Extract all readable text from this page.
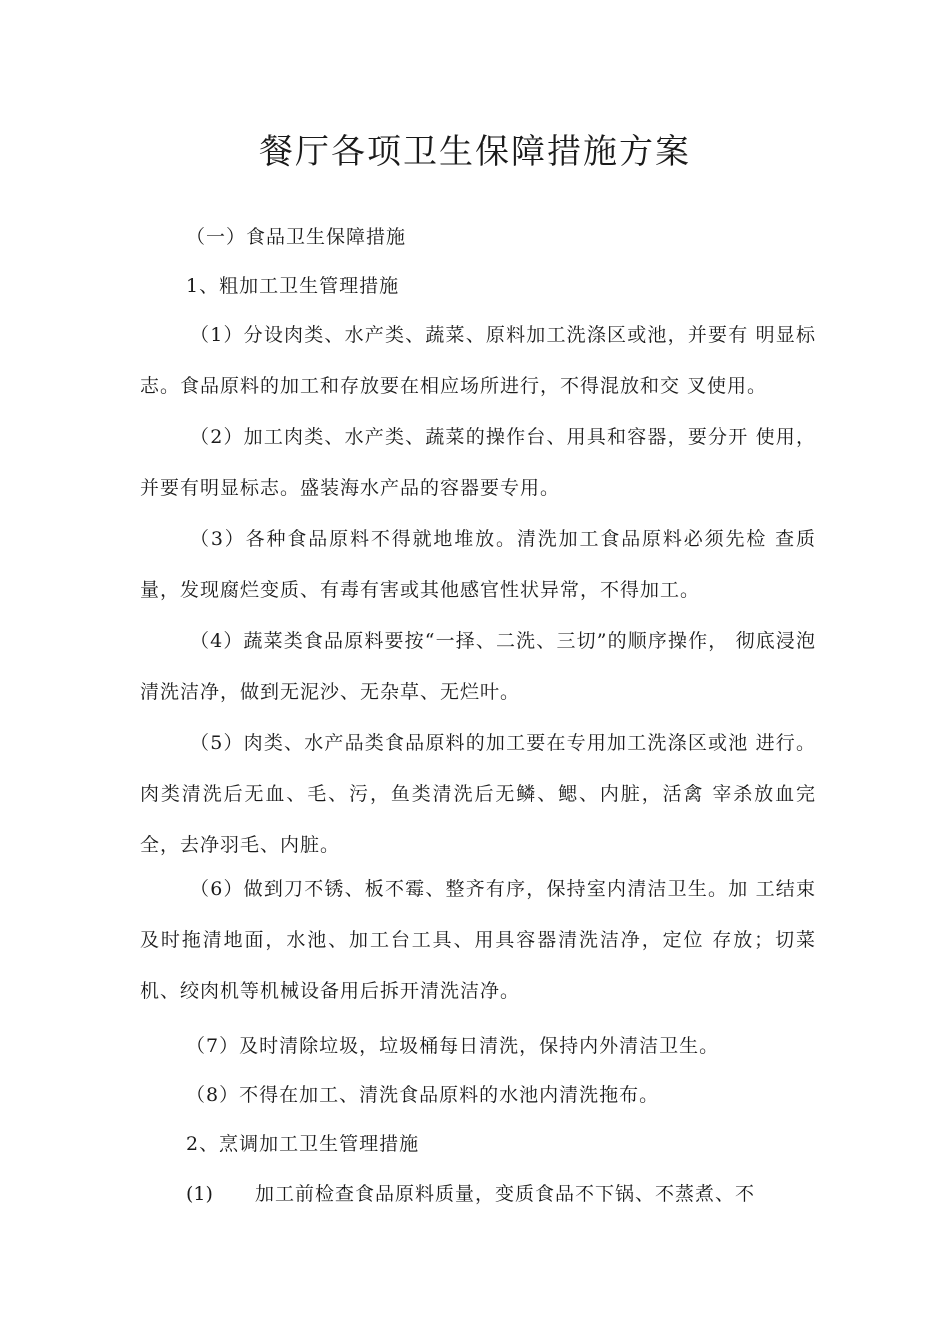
餐厅各项卫生保障措施方案
（一）食品卫生保障措施
1、粗加工卫生管理措施
（1）分设肉类、水产类、蔬菜、原料加工洗涤区或池，并要有 明显标志。食品原料的加工和存放要在相应场所进行，不得混放和交 叉使用。
（2）加工肉类、水产类、蔬菜的操作台、用具和容器，要分开 使用，并要有明显标志。盛装海水产品的容器要专用。
（3）各种食品原料不得就地堆放。清洗加工食品原料必须先检 查质量，发现腐烂变质、有毒有害或其他感官性状异常，不得加工。
（4）蔬菜类食品原料要按“一择、二洗、三切”的顺序操作， 彻底浸泡清洗洁净，做到无泥沙、无杂草、无烂叶。
（5）肉类、水产品类食品原料的加工要在专用加工洗涤区或池 进行。肉类清洗后无血、毛、污，鱼类清洗后无鳞、鳃、内脏，活禽 宰杀放血完全，去净羽毛、内脏。
（6）做到刀不锈、板不霉、整齐有序，保持室内清洁卫生。加 工结束及时拖清地面，水池、加工台工具、用具容器清洗洁净，定位 存放；切菜机、绞肉机等机械设备用后拆开清洗洁净。
（7）及时清除垃圾，垃圾桶每日清洗，保持内外清洁卫生。
（8）不得在加工、清洗食品原料的水池内清洗拖布。
2、烹调加工卫生管理措施
(1) 加工前检查食品原料质量，变质食品不下锅、不蒸煮、不
